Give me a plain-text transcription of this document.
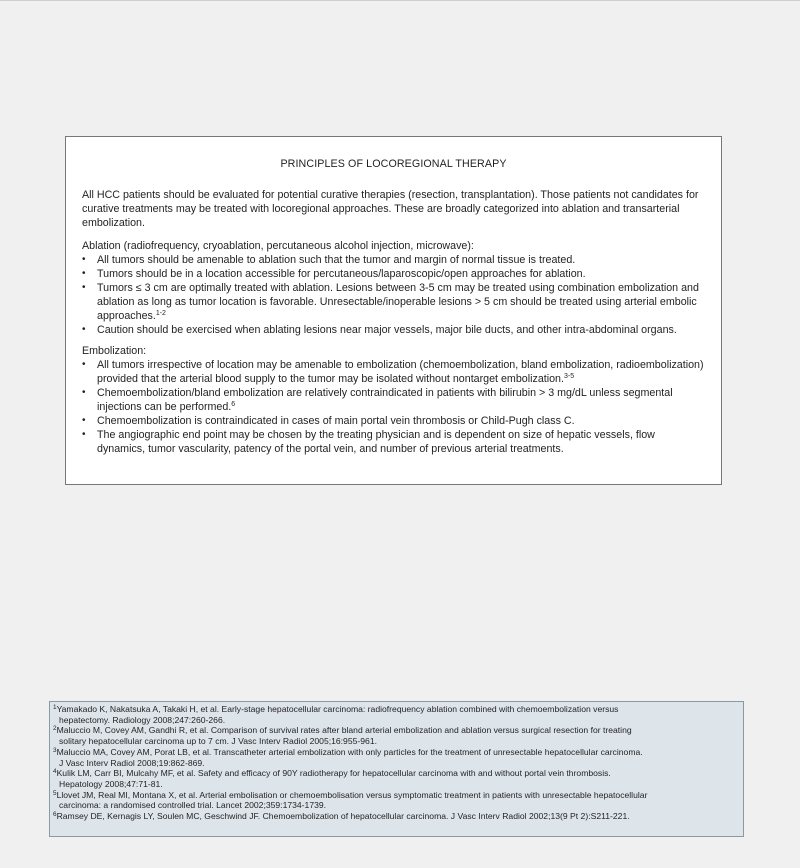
PRINCIPLES OF LOCOREGIONAL THERAPY

All HCC patients should be evaluated for potential curative therapies (resection, transplantation). Those patients not candidates for curative treatments may be treated with locoregional approaches. These are broadly categorized into ablation and transarterial embolization.

Ablation (radiofrequency, cryoablation, percutaneous alcohol injection, microwave):

• All tumors should be amenable to ablation such that the tumor and margin of normal tissue is treated.
• Tumors should be in a location accessible for percutaneous/laparoscopic/open approaches for ablation.
• Tumors ≤ 3 cm are optimally treated with ablation. Lesions between 3-5 cm may be treated using combination embolization and ablation as long as tumor location is favorable. Unresectable/inoperable lesions > 5 cm should be treated using arterial embolic approaches.$^{1-2}$
• Caution should be exercised when ablating lesions near major vessels, major bile ducts, and other intra-abdominal organs.

Embolization:

• All tumors irrespective of location may be amenable to embolization (chemoembolization, bland embolization, radioembolization) provided that the arterial blood supply to the tumor may be isolated without nontarget embolization.$^{3-5}$
• Chemoembolization/bland embolization are relatively contraindicated in patients with bilirubin > 3 mg/dL unless segmental injections can be performed.$^6$
• Chemoembolization is contraindicated in cases of main portal vein thrombosis or Child-Pugh class C.
• The angiographic end point may be chosen by the treating physician and is dependent on size of hepatic vessels, flow dynamics, tumor vascularity, patency of the portal vein, and number of previous arterial treatments.

$^1$Yamakado K, Nakatsuka A, Takaki H, et al. Early-stage hepatocellular carcinoma: radiofrequency ablation combined with chemoembolization versus
hepatectomy. Radiology 2008;247:260-266.

$^2$Maluccio M, Covey AM, Gandhi R, et al. Comparison of survival rates after bland arterial embolization and ablation versus surgical resection for treating
solitary hepatocellular carcinoma up to 7 cm. J Vasc Interv Radiol 2005;16:955-961.

$^3$Maluccio MA, Covey AM, Porat LB, et al. Transcatheter arterial embolization with only particles for the treatment of unresectable hepatocellular carcinoma.
J Vasc Interv Radiol 2008;19:862-869.

$^4$Kulik LM, Carr BI, Mulcahy MF, et al. Safety and efficacy of 90Y radiotherapy for hepatocellular carcinoma with and without portal vein thrombosis.
Hepatology 2008;47:71-81.

$^5$Llovet JM, Real MI, Montana X, et al. Arterial embolisation or chemoembolisation versus symptomatic treatment in patients with unresectable hepatocellular
carcinoma: a randomised controlled trial. Lancet 2002;359:1734-1739.

$^6$Ramsey DE, Kernagis LY, Soulen MC, Geschwind JF. Chemoembolization of hepatocellular carcinoma. J Vasc Interv Radiol 2002;13(9 Pt 2):S211-221.
